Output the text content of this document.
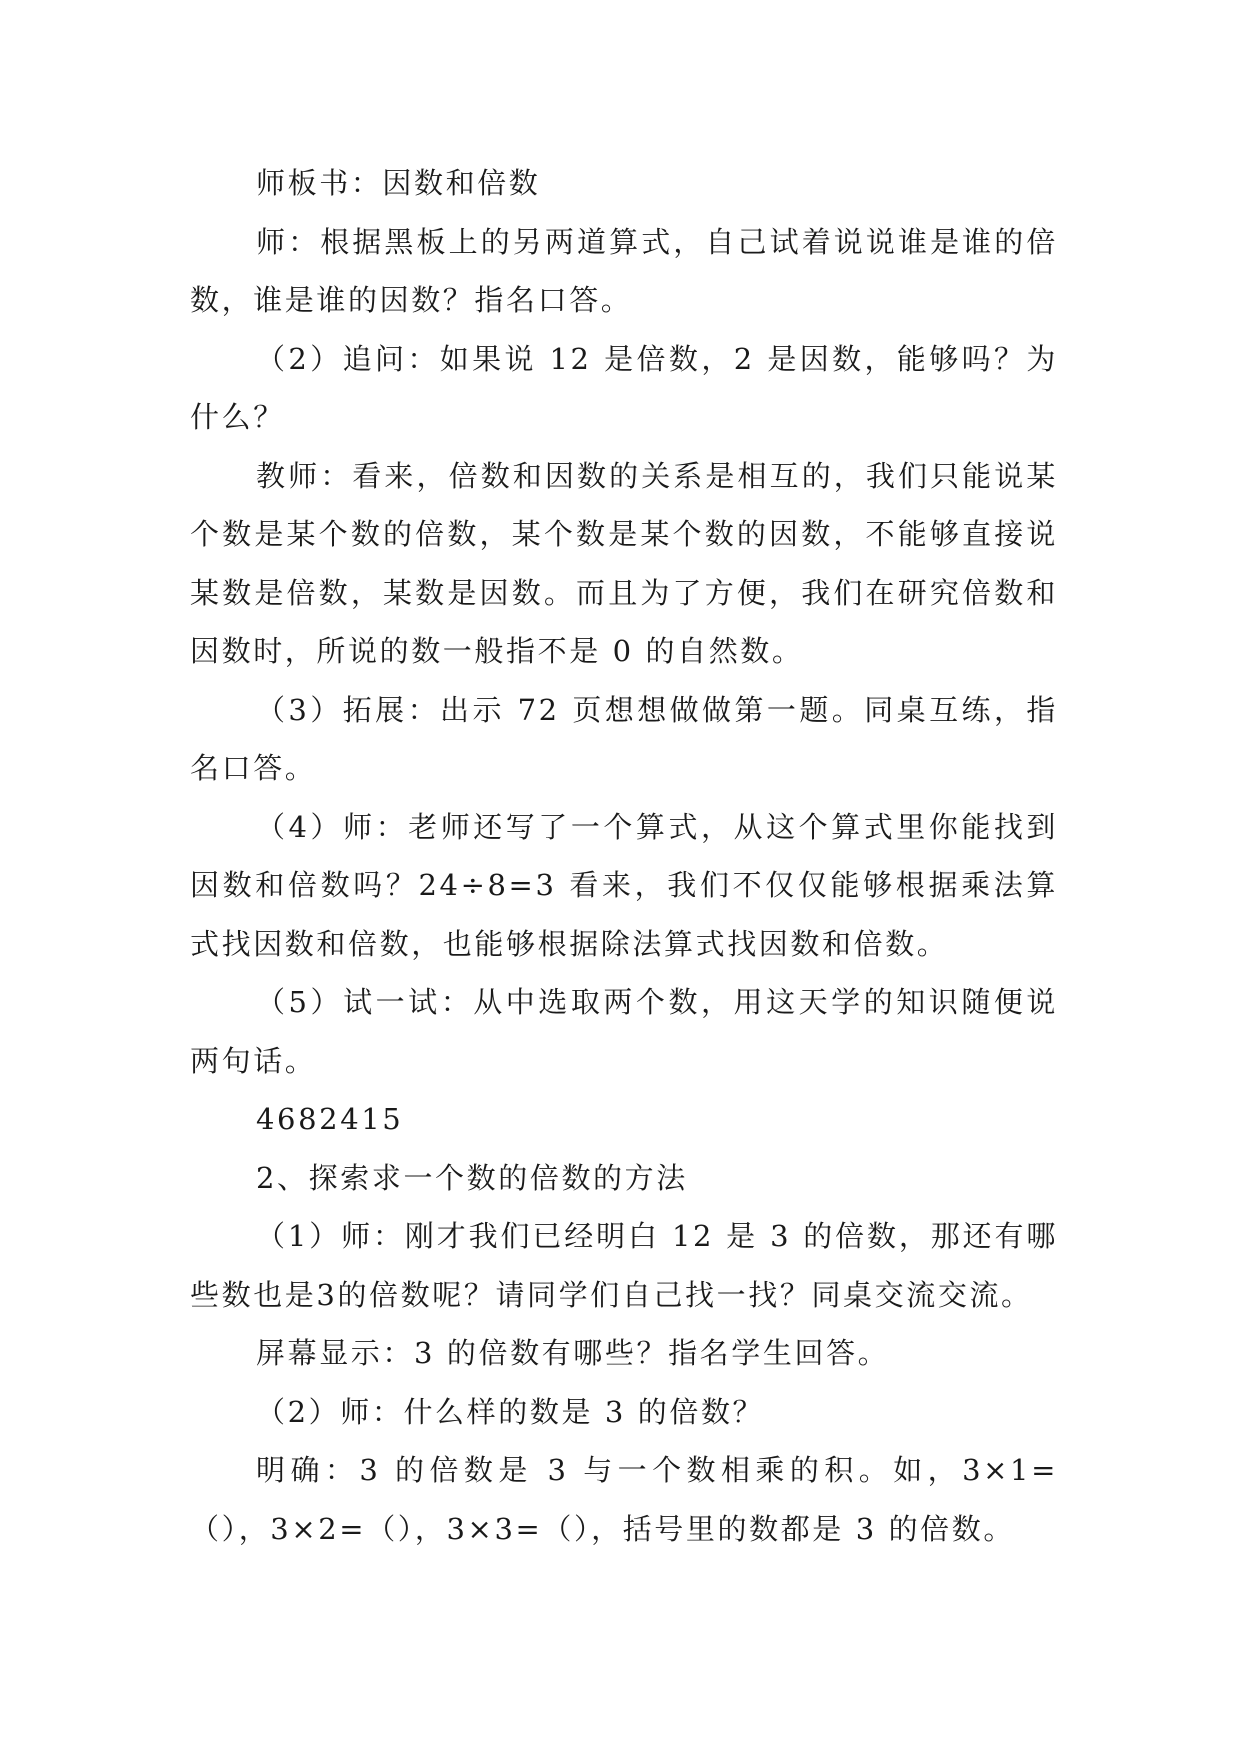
师板书：因数和倍数

师：根据黑板上的另两道算式，自己试着说说谁是谁的倍数，谁是谁的因数？指名口答。

（2）追问：如果说 12 是倍数，2 是因数，能够吗？为什么？

教师：看来，倍数和因数的关系是相互的，我们只能说某个数是某个数的倍数，某个数是某个数的因数，不能够直接说某数是倍数，某数是因数。而且为了方便，我们在研究倍数和因数时，所说的数一般指不是 0 的自然数。

（3）拓展：出示 72 页想想做做第一题。同桌互练，指名口答。

（4）师：老师还写了一个算式，从这个算式里你能找到因数和倍数吗？24÷8=3 看来，我们不仅仅能够根据乘法算式找因数和倍数，也能够根据除法算式找因数和倍数。

（5）试一试：从中选取两个数，用这天学的知识随便说两句话。

4682415

2、探索求一个数的倍数的方法

（1）师：刚才我们已经明白 12 是 3 的倍数，那还有哪些数也是3的倍数呢？请同学们自己找一找？同桌交流交流。

屏幕显示：3 的倍数有哪些？指名学生回答。

（2）师：什么样的数是 3 的倍数？

明确：3 的倍数是 3 与一个数相乘的积。如，3×1=（），3×2=（），3×3=（），括号里的数都是 3 的倍数。
